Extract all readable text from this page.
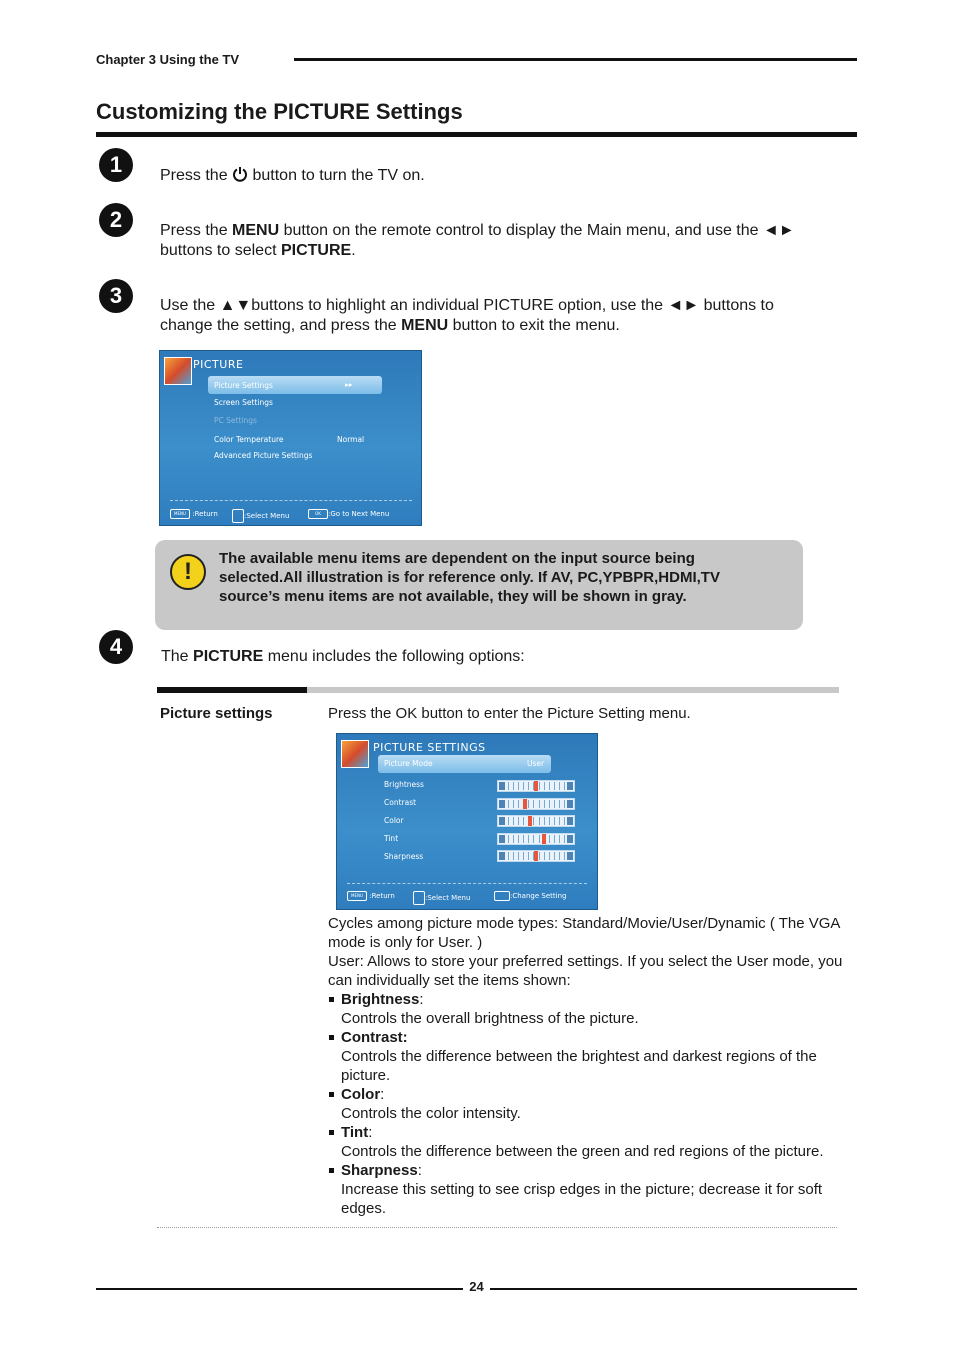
Chapter 3 Using the TV
Customizing the PICTURE Settings
1	Press the  button to turn the TV on.
2	Press the MENU button on the remote control to display the Main menu, and use the ◄► buttons to select PICTURE.
3	Use the ▲▼buttons to highlight an individual PICTURE option, use the ◄► buttons to change the setting, and press the MENU button to exit the menu.
PICTURE
Picture Settings	▸▸
Screen Settings
PC Settings
Color Temperature	Normal
Advanced Picture Settings
MENU :Return	:Select Menu	OK :Go to Next Menu
!	The available menu items are dependent on the input source being selected.All illustration is for reference only. If AV, PC,YPBPR,HDMI,TV source’s menu items are not available, they will be shown in gray.
4	The PICTURE menu includes the following options:
Picture settings	Press the OK button to enter the Picture Setting menu.
PICTURE SETTINGS
Picture Mode	User
Brightness
Contrast
Color
Tint
Sharpness
MENU :Return	:Select Menu	:Change Setting

Cycles among picture mode types: Standard/Movie/User/Dynamic ( The VGA mode is only for User. )

User: Allows to store your preferred settings. If you select the User mode, you can individually set the items shown:

Brightness:
Controls the overall brightness of the picture.
Contrast:
Controls the difference between the brightest and darkest regions of the picture.
Color:
Controls the color intensity.
Tint:
Controls the difference between the green and red regions of the picture.
Sharpness:
Increase this setting to see crisp edges in the picture; decrease it for soft edges.
24
